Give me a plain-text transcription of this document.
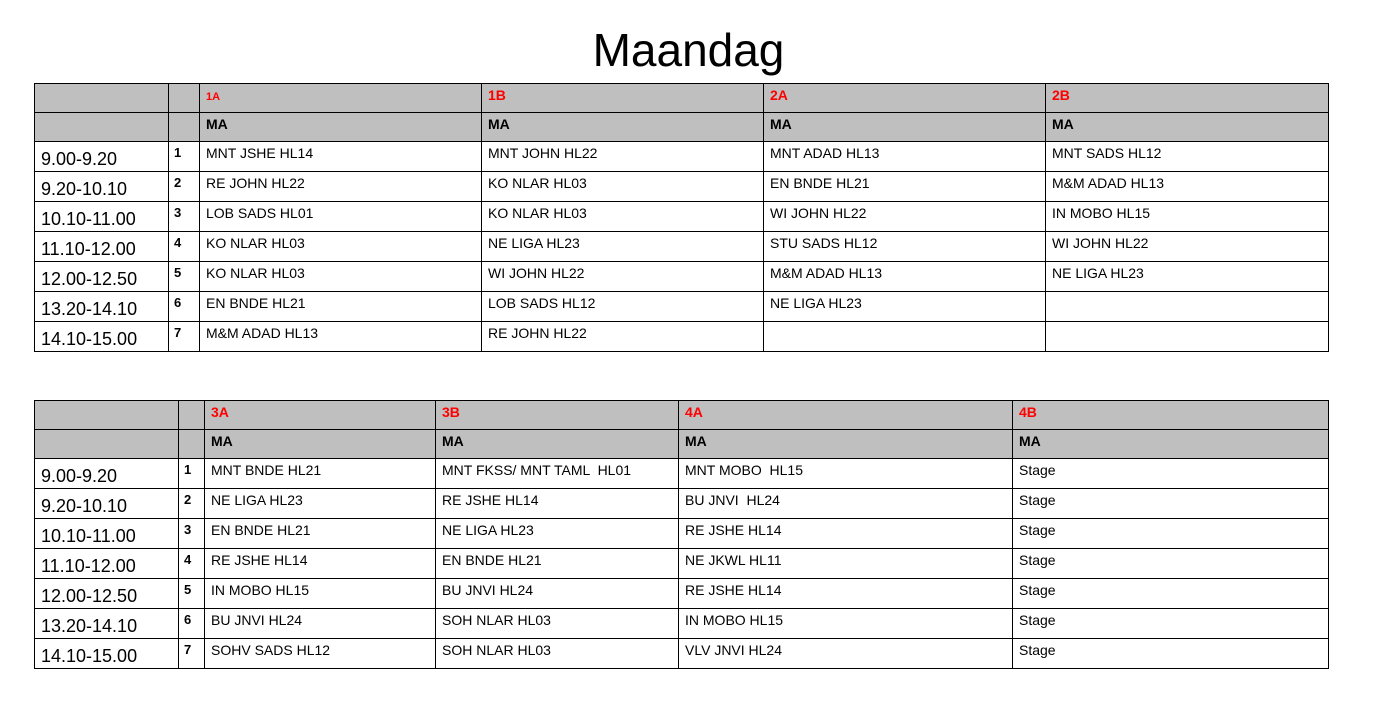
Maandag
		1A	1B	2A	2B
		MA	MA	MA	MA
9.00-9.20	1	MNT JSHE HL14	MNT JOHN HL22	MNT ADAD HL13	MNT SADS HL12
9.20-10.10	2	RE JOHN HL22	KO NLAR HL03	EN BNDE HL21	M&M ADAD HL13
10.10-11.00	3	LOB SADS HL01	KO NLAR HL03	WI JOHN HL22	IN MOBO HL15
11.10-12.00	4	KO NLAR HL03	NE LIGA HL23	STU SADS HL12	WI JOHN HL22
12.00-12.50	5	KO NLAR HL03	WI JOHN HL22	M&M ADAD HL13	NE LIGA HL23
13.20-14.10	6	EN BNDE HL21	LOB SADS HL12	NE LIGA HL23	
14.10-15.00	7	M&M ADAD HL13	RE JOHN HL22		
		3A	3B	4A	4B
		MA	MA	MA	MA
9.00-9.20	1	MNT BNDE HL21	MNT FKSS/ MNT TAML  HL01	MNT MOBO  HL15	Stage
9.20-10.10	2	NE LIGA HL23	RE JSHE HL14	BU JNVI  HL24	Stage
10.10-11.00	3	EN BNDE HL21	NE LIGA HL23	RE JSHE HL14	Stage
11.10-12.00	4	RE JSHE HL14	EN BNDE HL21	NE JKWL HL11	Stage
12.00-12.50	5	IN MOBO HL15	BU JNVI HL24	RE JSHE HL14	Stage
13.20-14.10	6	BU JNVI HL24	SOH NLAR HL03	IN MOBO HL15	Stage
14.10-15.00	7	SOHV SADS HL12	SOH NLAR HL03	VLV JNVI HL24	Stage
